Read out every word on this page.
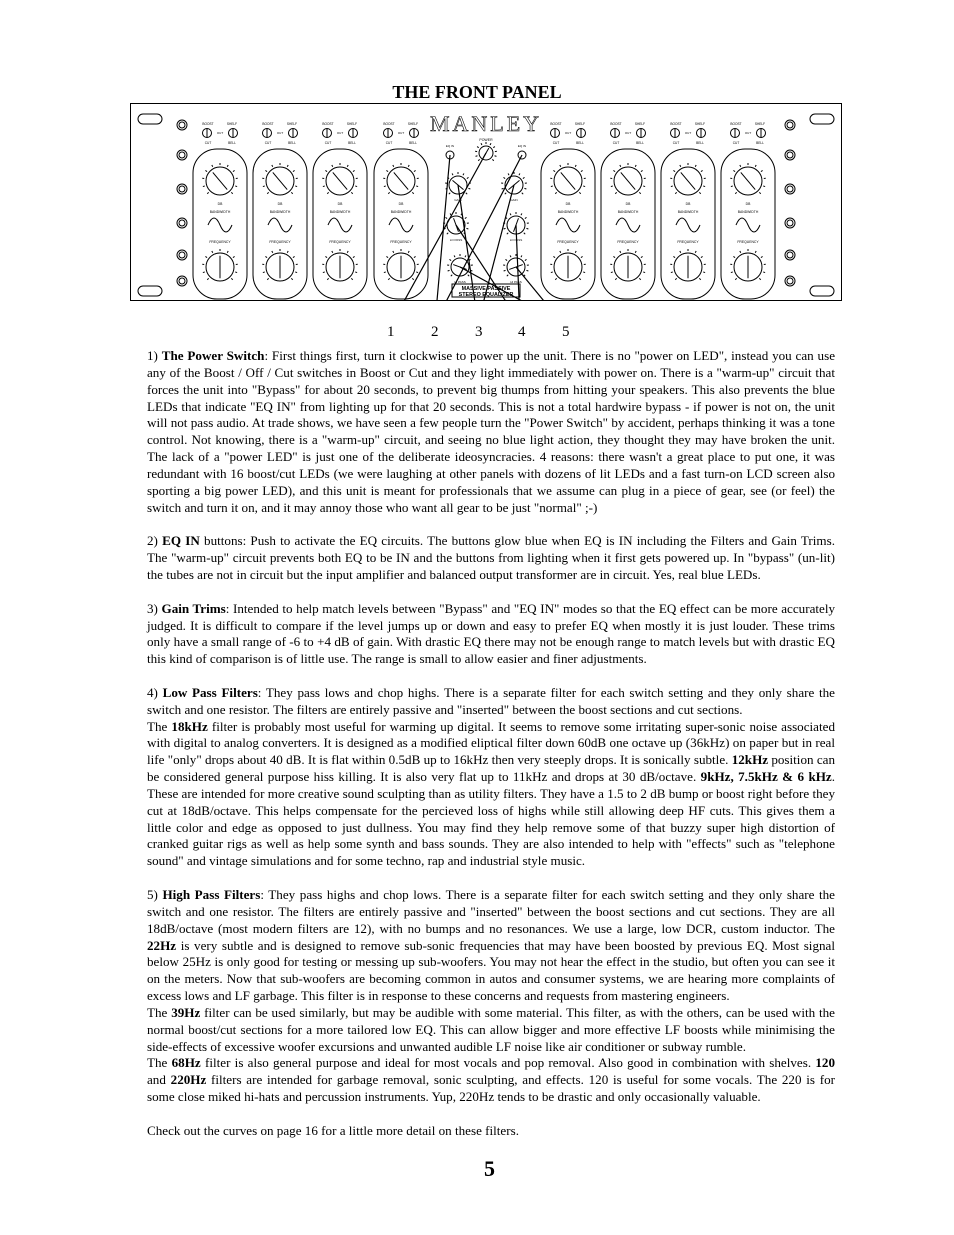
THE FRONT PANEL
BOOST	SHELF
OUT
CUT	BELL
DB
BANDWIDTH
FREQUENCY
BOOST	SHELF
OUT
CUT	BELL
DB
BANDWIDTH
FREQUENCY
BOOST	SHELF
OUT
CUT	BELL
DB
BANDWIDTH
FREQUENCY
BOOST	SHELF
OUT
CUT	BELL
DB
BANDWIDTH
FREQUENCY
BOOST	SHELF
OUT
CUT	BELL
DB
BANDWIDTH
FREQUENCY
BOOST	SHELF
OUT
CUT	BELL
DB
BANDWIDTH
FREQUENCY
BOOST	SHELF
OUT
CUT	BELL
DB
BANDWIDTH
FREQUENCY
BOOST	SHELF
OUT
CUT	BELL
DB
BANDWIDTH
FREQUENCY
MANLEY
POWER
EQ IN	EQ IN
GAIN	GAIN
LO PASS	LO PASS
HI PASS	HI PASS
MASSIVE PASSIVE
STEREO EQUALIZER
1 2 3 4 5

1) The Power Switch: First things first, turn it clockwise to power up the unit. There is no "power on LED", instead you can use any of the Boost / Off / Cut switches in Boost or Cut and they light immediately with power on. There is a "warm-up" circuit that forces the unit into "Bypass" for about 20 seconds, to prevent big thumps from hitting your speakers. This also prevents the blue LEDs that indicate "EQ IN" from lighting up for that 20 seconds. This is not a total hardwire bypass - if power is not on, the unit will not pass audio. At trade shows, we have seen a few people turn the "Power Switch" by accident, perhaps thinking it was a tone control. Not knowing, there is a "warm-up" circuit, and seeing no blue light action, they thought they may have broken the unit. The lack of a "power LED" is just one of the deliberate ideosyncracies. 4 reasons: there wasn't a great place to put one, it was redundant with 16 boost/cut LEDs (we were laughing at other panels with dozens of lit LEDs and a fast turn-on LCD screen also sporting a big power LED), and this unit is meant for professionals that we assume can plug in a piece of gear, see (or feel) the switch and turn it on, and it may annoy those who want all gear to be just "normal" ;-)

2) EQ IN buttons: Push to activate the EQ circuits. The buttons glow blue when EQ is IN including the Filters and Gain Trims. The "warm-up" circuit prevents both EQ to be IN and the buttons from lighting when it first gets powered up. In "bypass" (un-lit) the tubes are not in circuit but the input amplifier and balanced output transformer are in circuit. Yes, real blue LEDs.

3) Gain Trims: Intended to help match levels between "Bypass" and "EQ IN" modes so that the EQ effect can be more accurately judged. It is difficult to compare if the level jumps up or down and easy to prefer EQ when mostly it is just louder. These trims only have a small range of -6 to +4 dB of gain. With drastic EQ there may not be enough range to match levels but with drastic EQ this kind of comparison is of little use. The range is small to allow easier and finer adjustments.

4) Low Pass Filters: They pass lows and chop highs. There is a separate filter for each switch setting and they only share the switch and one resistor. The filters are entirely passive and "inserted" between the boost sections and cut sections.

The 18kHz filter is probably most useful for warming up digital. It seems to remove some irritating super-sonic noise associated with digital to analog converters. It is designed as a modified eliptical filter down 60dB one octave up (36kHz) on paper but in real life "only" drops about 40 dB. It is flat within 0.5dB up to 16kHz then very steeply drops. It is sonically subtle. 12kHz position can be considered general purpose hiss killing. It is also very flat up to 11kHz and drops at 30 dB/octave. 9kHz, 7.5kHz & 6 kHz. These are intended for more creative sound sculpting than as utility filters. They have a 1.5 to 2 dB bump or boost right before they cut at 18dB/octave. This helps compensate for the percieved loss of highs while still allowing deep HF cuts. This gives them a little color and edge as opposed to just dullness. You may find they help remove some of that buzzy super high distortion of cranked guitar rigs as well as help some synth and bass sounds. They are also intended to help with "effects" such as "telephone sound" and vintage simulations and for some techno, rap and industrial style music.

5) High Pass Filters: They pass highs and chop lows. There is a separate filter for each switch setting and they only share the switch and one resistor. The filters are entirely passive and "inserted" between the boost sections and cut sections. They are all 18dB/octave (most modern filters are 12), with no bumps and no resonances. We use a large, low DCR, custom inductor. The 22Hz is very subtle and is designed to remove sub-sonic frequencies that may have been boosted by previous EQ. Most signal below 25Hz is only good for testing or messing up sub-woofers. You may not hear the effect in the studio, but often you can see it on the meters. Now that sub-woofers are becoming common in autos and consumer systems, we are hearing more complaints of excess lows and LF garbage. This filter is in response to these concerns and requests from mastering engineers.

The 39Hz filter can be used similarly, but may be audible with some material. This filter, as with the others, can be used with the normal boost/cut sections for a more tailored low EQ. This can allow bigger and more effective LF boosts while minimising the side-effects of excessive woofer excursions and unwanted audible LF noise like air conditioner or subway rumble.

The 68Hz filter is also general purpose and ideal for most vocals and pop removal. Also good in combination with shelves. 120 and 220Hz filters are intended for garbage removal, sonic sculpting, and effects. 120 is useful for some vocals. The 220 is for some close miked hi-hats and percussion instruments. Yup, 220Hz tends to be drastic and only occasionally valuable.

Check out the curves on page 16 for a little more detail on these filters.

5
